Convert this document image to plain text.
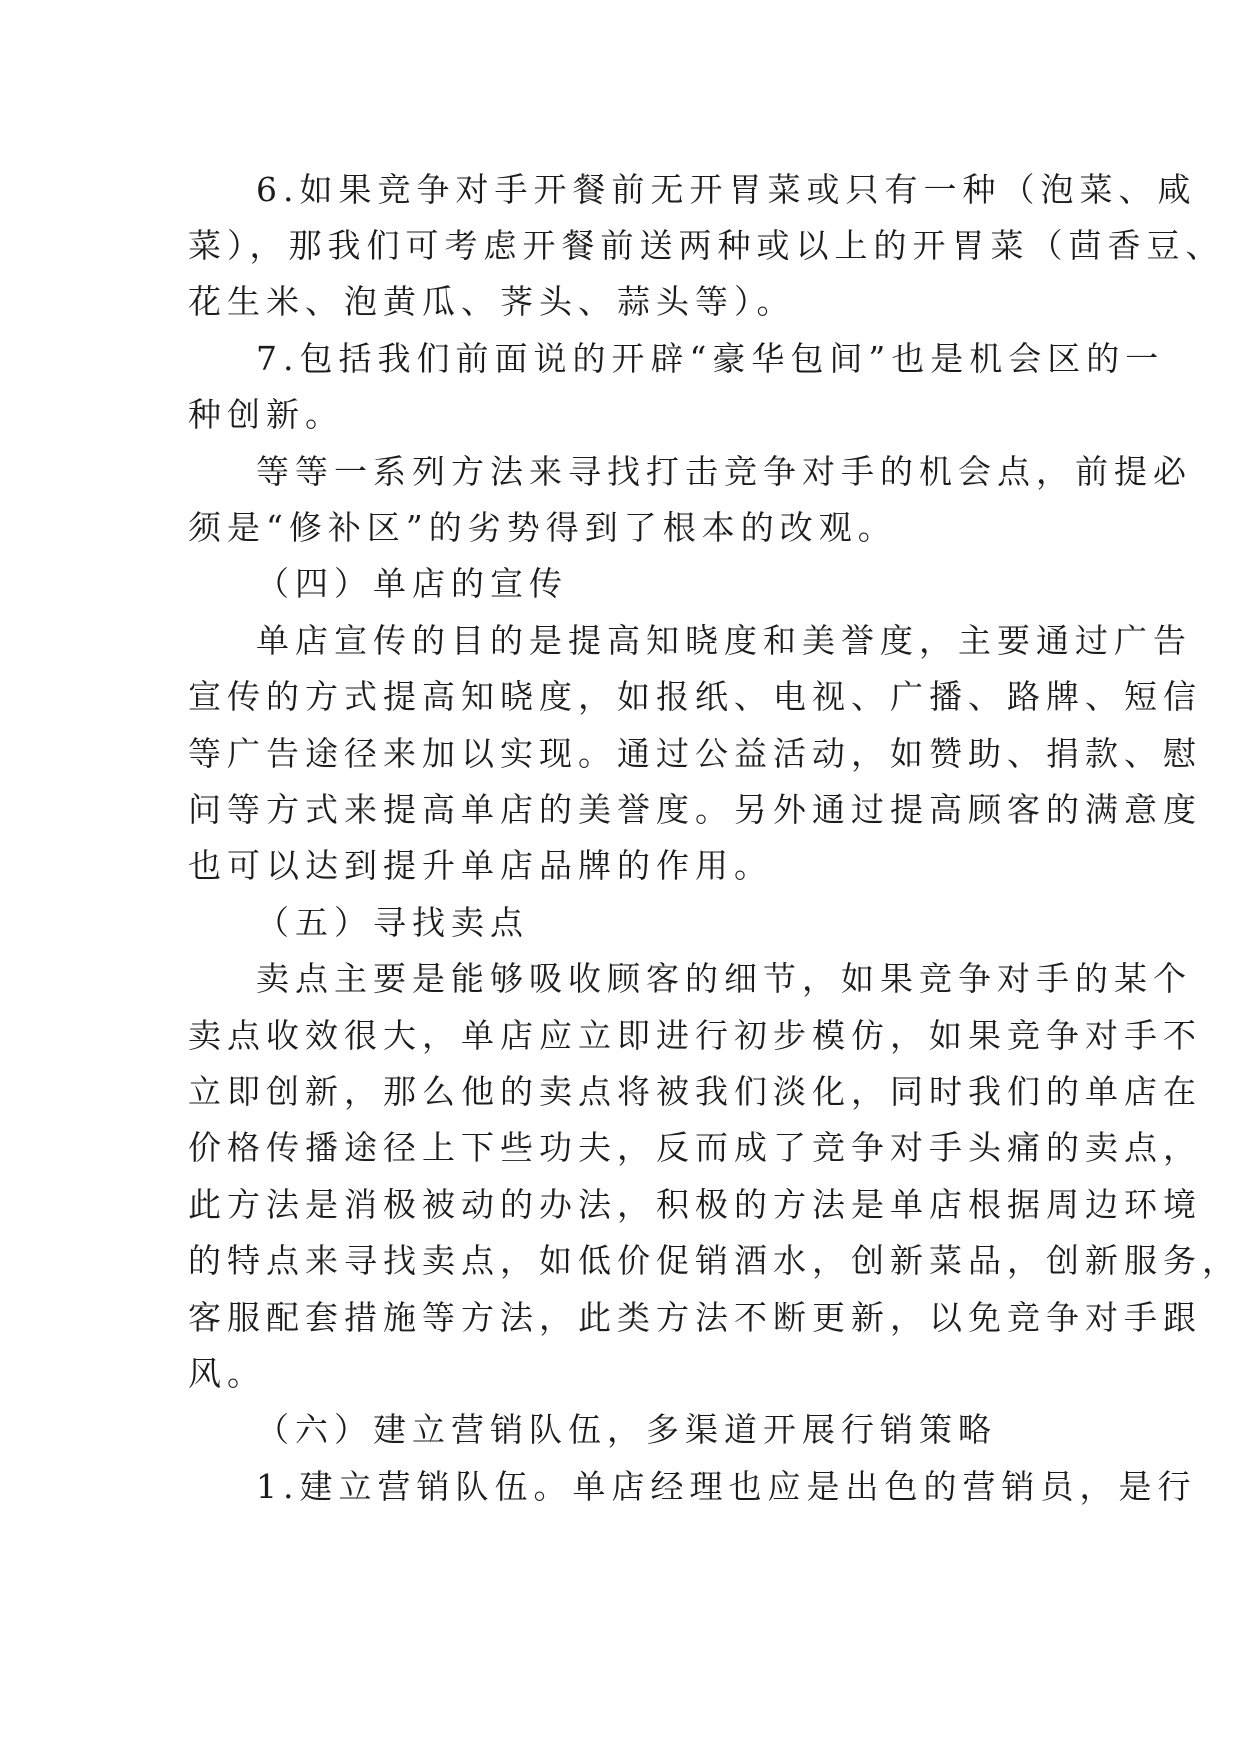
6.如果竞争对手开餐前无开胃菜或只有一种（泡菜、咸
菜），那我们可考虑开餐前送两种或以上的开胃菜（茴香豆、
花生米、泡黄瓜、荠头、蒜头等）。
7.包括我们前面说的开辟“豪华包间”也是机会区的一
种创新。
等等一系列方法来寻找打击竞争对手的机会点，前提必
须是“修补区”的劣势得到了根本的改观。
（四）单店的宣传
单店宣传的目的是提高知晓度和美誉度，主要通过广告
宣传的方式提高知晓度，如报纸、电视、广播、路牌、短信
等广告途径来加以实现。通过公益活动，如赞助、捐款、慰
问等方式来提高单店的美誉度。另外通过提高顾客的满意度
也可以达到提升单店品牌的作用。
（五）寻找卖点
卖点主要是能够吸收顾客的细节，如果竞争对手的某个
卖点收效很大，单店应立即进行初步模仿，如果竞争对手不
立即创新，那么他的卖点将被我们淡化，同时我们的单店在
价格传播途径上下些功夫，反而成了竞争对手头痛的卖点，
此方法是消极被动的办法，积极的方法是单店根据周边环境
的特点来寻找卖点，如低价促销酒水，创新菜品，创新服务，
客服配套措施等方法，此类方法不断更新，以免竞争对手跟
风。
（六）建立营销队伍，多渠道开展行销策略
1.建立营销队伍。单店经理也应是出色的营销员，是行
